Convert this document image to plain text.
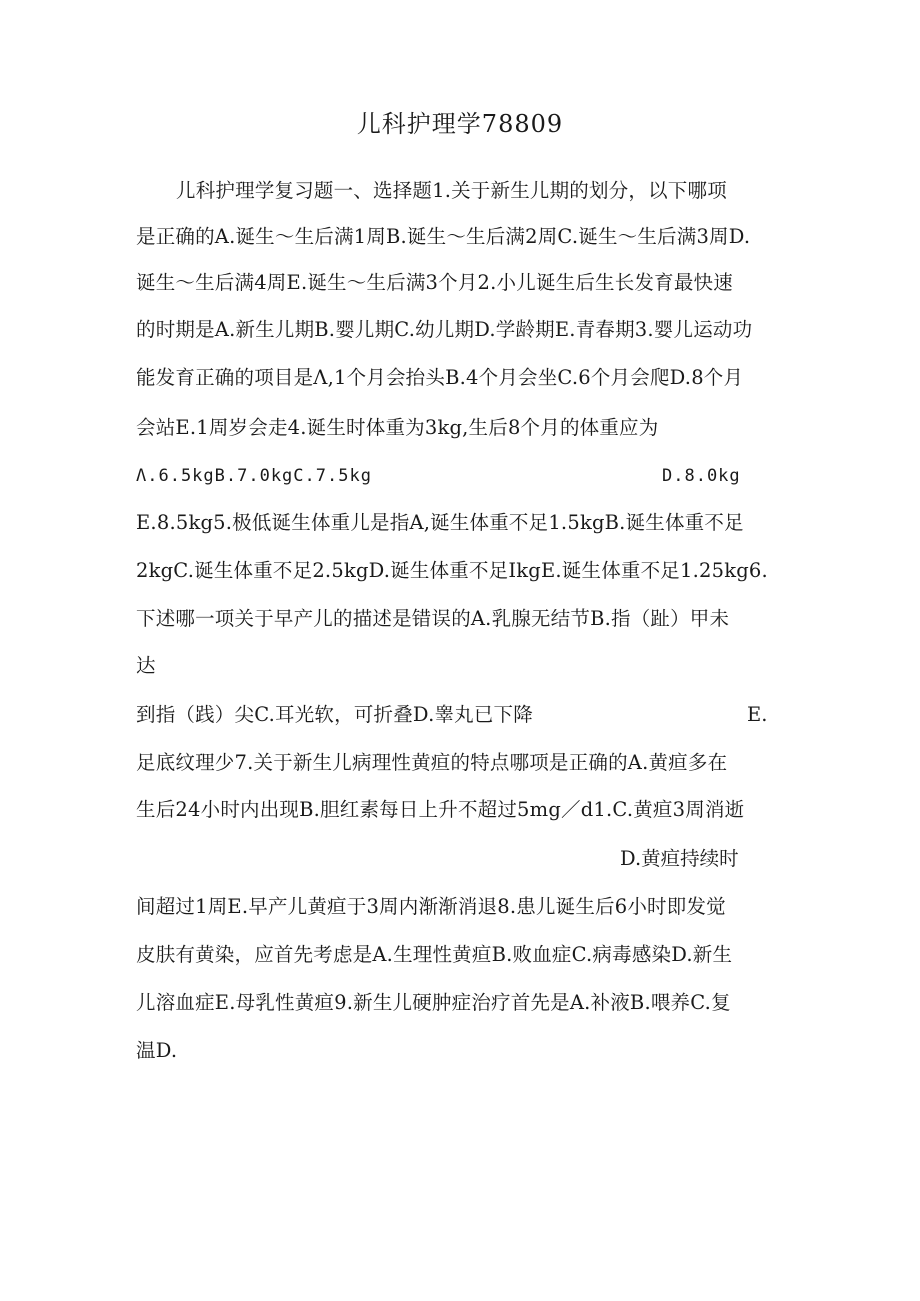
儿科护理学78809
儿科护理学复习题一、选择题1.关于新生儿期的划分，以下哪项
是正确的A.诞生～生后满1周B.诞生～生后满2周C.诞生～生后满3周D.
诞生～生后满4周E.诞生～生后满3个月2.小儿诞生后生长发育最快速
的时期是A.新生儿期B.婴儿期C.幼儿期D.学龄期E.青春期3.婴儿运动功
能发育正确的项目是Λ,1个月会抬头B.4个月会坐C.6个月会爬D.8个月
会站E.1周岁会走4.诞生时体重为3kg,生后8个月的体重应为
Λ.6.5kgB.7.0kgC.7.5kg	D.8.0kg
E.8.5kg5.极低诞生体重儿是指A,诞生体重不足1.5kgB.诞生体重不足
2kgC.诞生体重不足2.5kgD.诞生体重不足IkgE.诞生体重不足1.25kg6.
下述哪一项关于早产儿的描述是错误的A.乳腺无结节B.指（趾）甲未
达
到指（践）尖C.耳光软，可折叠D.睾丸已下降	E.
足底纹理少7.关于新生儿病理性黄疸的特点哪项是正确的A.黄疸多在
生后24小时内出现B.胆红素每日上升不超过5mg／d1.C.黄疸3周消逝
D.黄疸持续时
间超过1周E.早产儿黄疸于3周内渐渐消退8.患儿诞生后6小时即发觉
皮肤有黄染，应首先考虑是A.生理性黄疸B.败血症C.病毒感染D.新生
儿溶血症E.母乳性黄疸9.新生儿硬肿症治疗首先是A.补液B.喂养C.复
温D.
